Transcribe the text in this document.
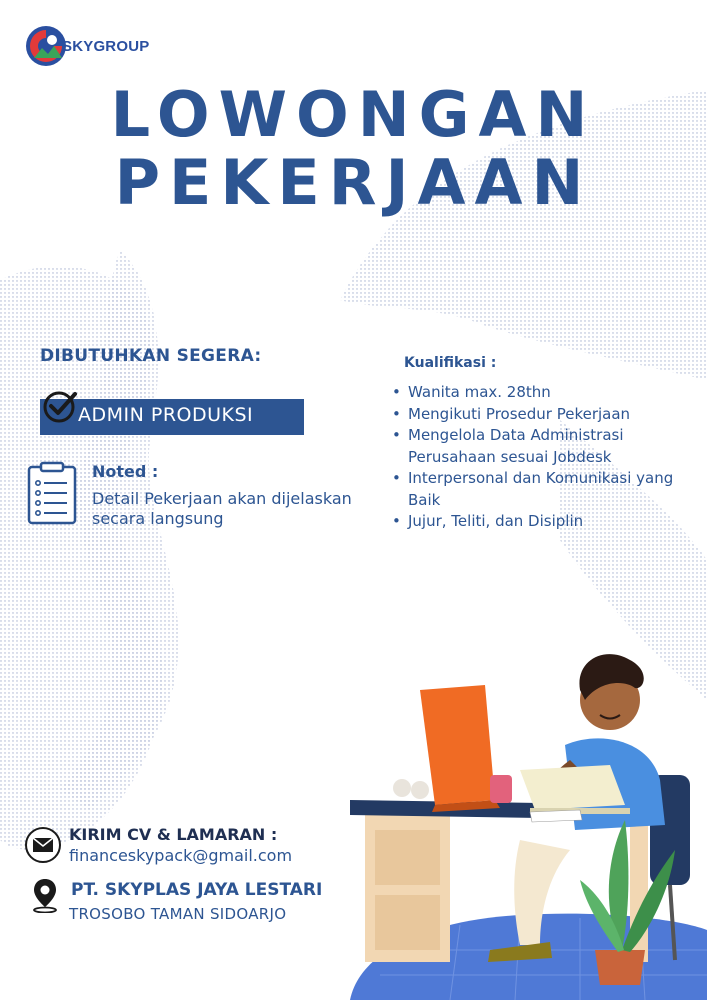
SKYGROUP
LOWONGAN
PEKERJAAN
DIBUTUHKAN SEGERA:
ADMIN PRODUKSI
Noted :
Detail Pekerjaan akan dijelaskan secara langsung
Kualifikasi :
• Wanita max. 28thn
• Mengikuti Prosedur Pekerjaan
• Mengelola Data Administrasi Perusahaan sesuai Jobdesk
• Interpersonal dan Komunikasi yang Baik
• Jujur, Teliti, dan Disiplin
KIRIM CV & LAMARAN :
financeskypack@gmail.com
PT. SKYPLAS JAYA LESTARI
TROSOBO TAMAN SIDOARJO
